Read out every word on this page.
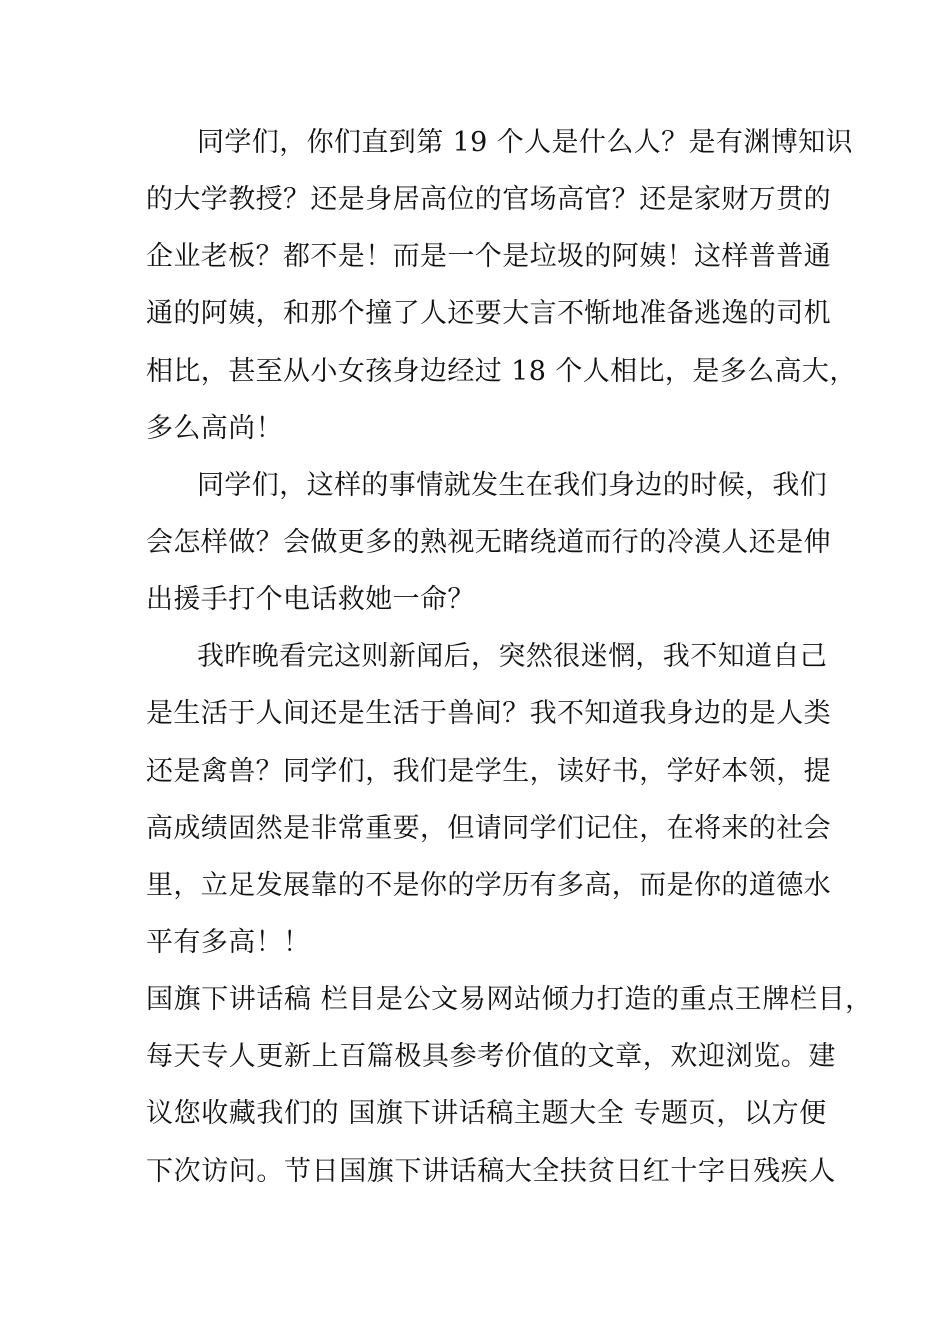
同学们，你们直到第 19 个人是什么人？是有渊博知识
的大学教授？还是身居高位的官场高官？还是家财万贯的
企业老板？都不是！而是一个是垃圾的阿姨！这样普普通
通的阿姨，和那个撞了人还要大言不惭地准备逃逸的司机
相比，甚至从小女孩身边经过 18 个人相比，是多么高大，
多么高尚！
同学们，这样的事情就发生在我们身边的时候，我们
会怎样做？会做更多的熟视无睹绕道而行的冷漠人还是伸
出援手打个电话救她一命？
我昨晚看完这则新闻后，突然很迷惘，我不知道自己
是生活于人间还是生活于兽间？我不知道我身边的是人类
还是禽兽？同学们，我们是学生，读好书，学好本领，提
高成绩固然是非常重要，但请同学们记住，在将来的社会
里，立足发展靠的不是你的学历有多高，而是你的道德水
平有多高！！
国旗下讲话稿 栏目是公文易网站倾力打造的重点王牌栏目，
每天专人更新上百篇极具参考价值的文章，欢迎浏览。建
议您收藏我们的 国旗下讲话稿主题大全 专题页，以方便
下次访问。节日国旗下讲话稿大全扶贫日红十字日残疾人
